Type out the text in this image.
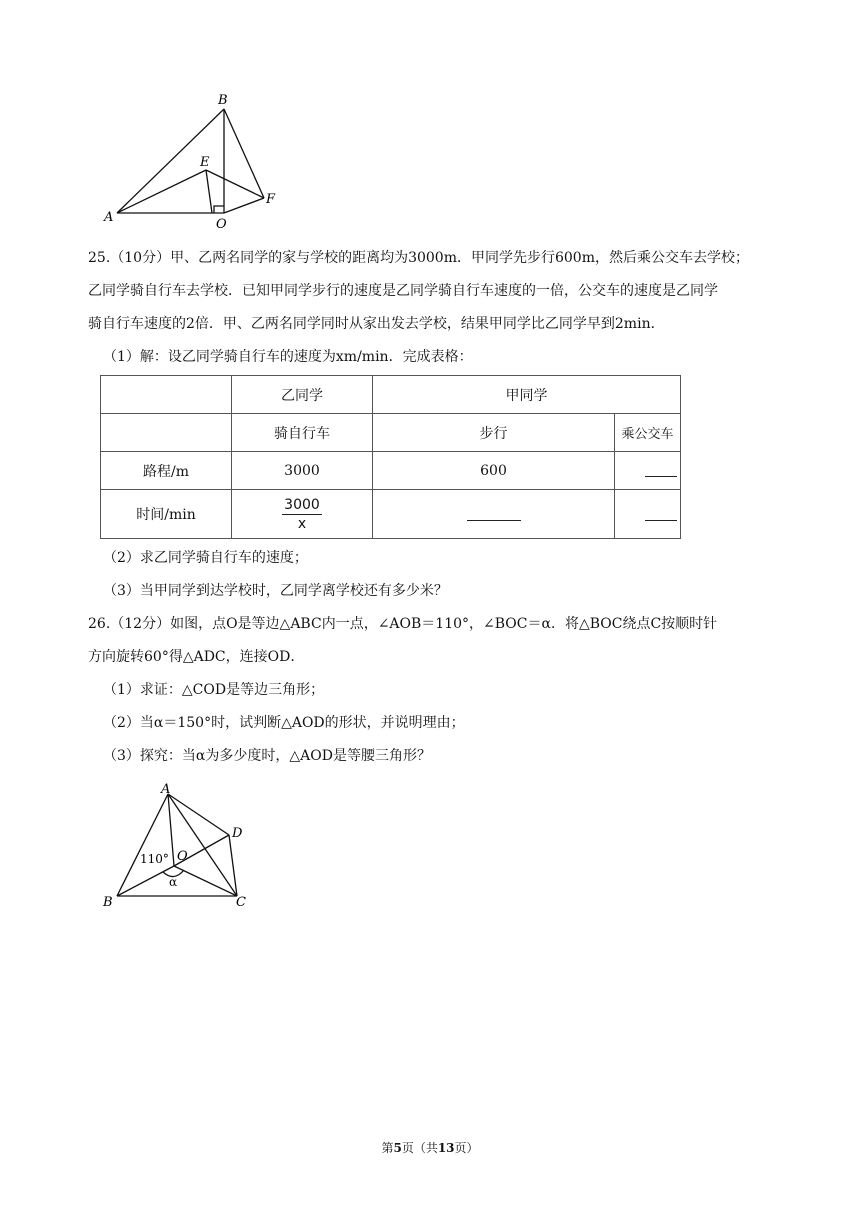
B
E
A	O
F
25.（10分）甲、乙两名同学的家与学校的距离均为3000m．甲同学先步行600m，然后乘公交车去学校；
乙同学骑自行车去学校．已知甲同学步行的速度是乙同学骑自行车速度的一倍，公交车的速度是乙同学
骑自行车速度的2倍．甲、乙两名同学同时从家出发去学校，结果甲同学比乙同学早到2min．
（1）解：设乙同学骑自行车的速度为xm/min．完成表格：
	乙同学	甲同学	
	骑自行车	步行	乘公交车
路程/m	3000	600	
时间/min	$\frac{3000}{x}$

（2）求乙同学骑自行车的速度；
（3）当甲同学到达学校时，乙同学离学校还有多少米？
26.（12分）如图，点O是等边△ABC内一点，∠AOB＝110°，∠BOC＝α．将△BOC绕点C按顺时针
方向旋转60°得△ADC，连接OD．
（1）求证：△COD是等边三角形；
（2）当α＝150°时，试判断△AOD的形状，并说明理由；
（3）探究：当α为多少度时，△AOD是等腰三角形？
A
D
O
110°
α
B	C
第5页（共13页）
